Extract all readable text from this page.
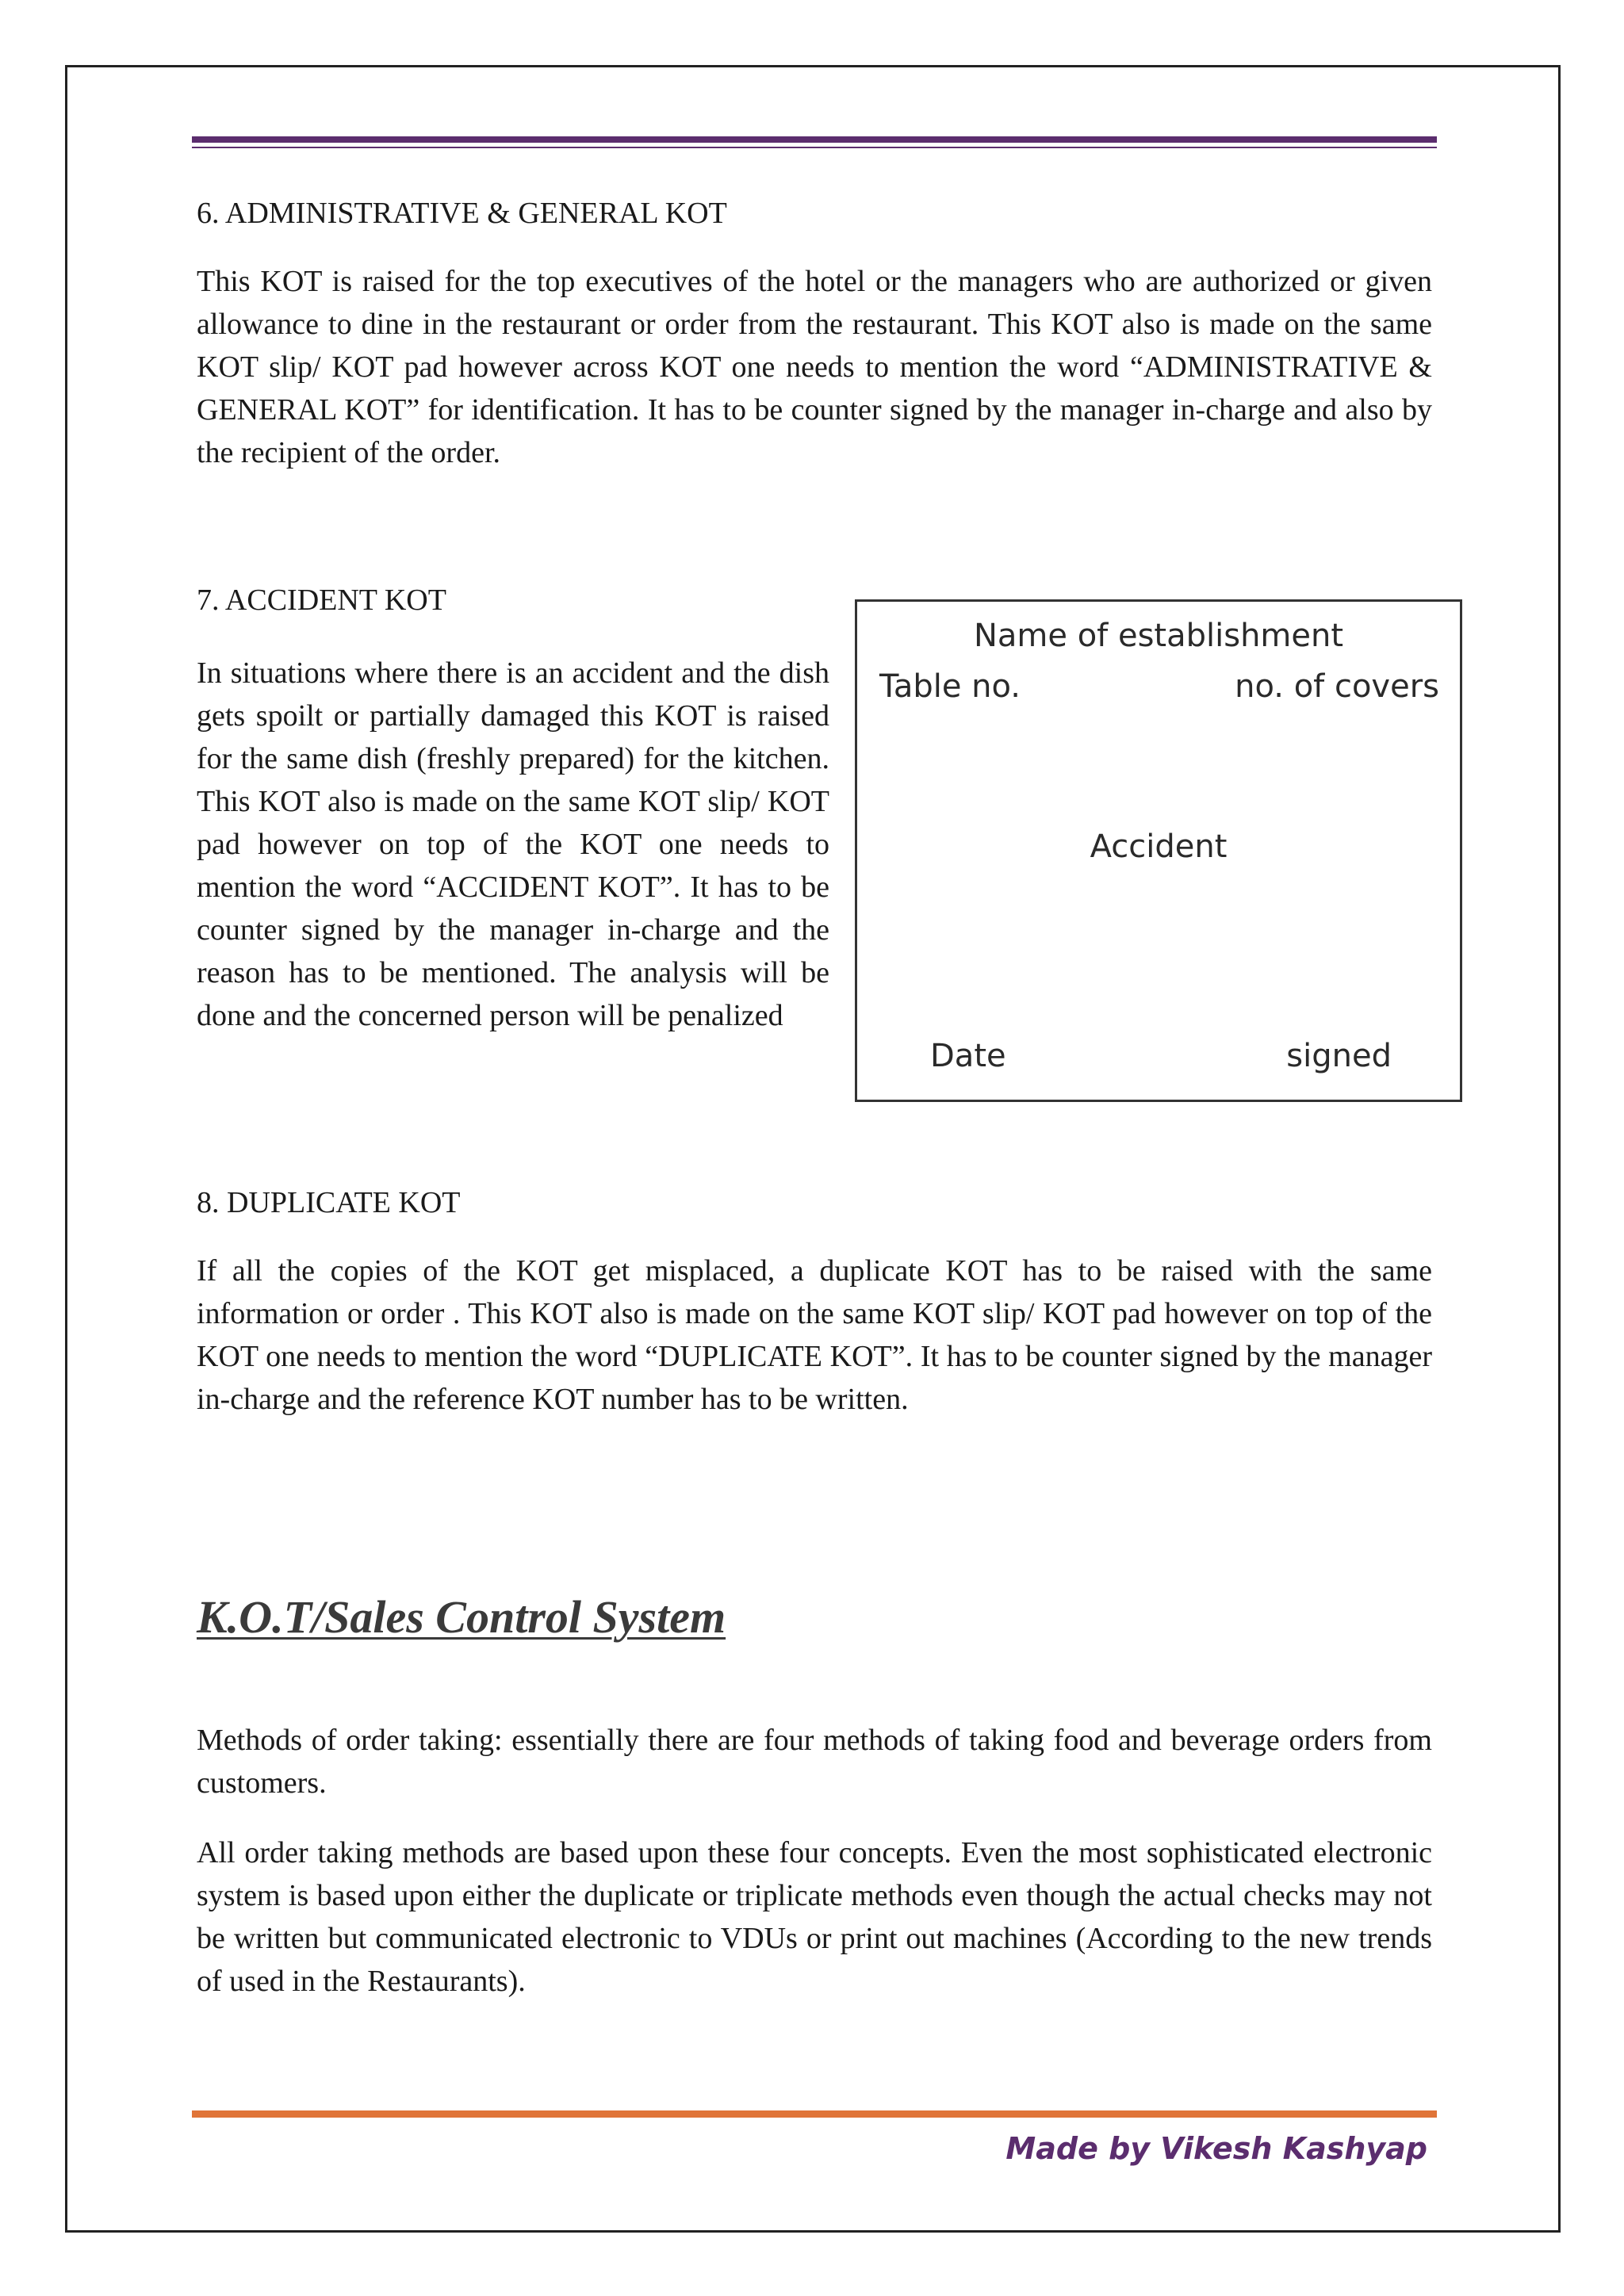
6. ADMINISTRATIVE & GENERAL KOT

This KOT is raised for the top executives of the hotel or the managers who are authorized or given allowance to dine in the restaurant or order from the restaurant. This KOT also is made on the same KOT slip/ KOT pad however across KOT one needs to mention the word “ADMINISTRATIVE & GENERAL KOT” for identification. It has to be counter signed by the manager in-charge and also by the recipient of the order.

7. ACCIDENT KOT

In situations where there is an accident and the dish gets spoilt or partially damaged this KOT is raised for the same dish (freshly prepared) for the kitchen. This KOT also is made on the same KOT slip/ KOT pad however on top of the KOT one needs to mention the word “ACCIDENT KOT”. It has to be counter signed by the manager in-charge and the reason has to be mentioned. The analysis will be done and the concerned person will be penalized

Name of establishment
Table no.	no. of covers
Accident
Date	signed
8. DUPLICATE KOT

If all the copies of the KOT get misplaced, a duplicate KOT has to be raised with the same information or order . This KOT also is made on the same KOT slip/ KOT pad however on top of the KOT one needs to mention the word “DUPLICATE KOT”. It has to be counter signed by the manager in-charge and the reference KOT number has to be written.

K.O.T/Sales Control System

Methods of order taking: essentially there are four methods of taking food and beverage orders from customers.

All order taking methods are based upon these four concepts. Even the most sophisticated electronic system is based upon either the duplicate or triplicate methods even though the actual checks may not be written but communicated electronic to VDUs or print out machines (According to the new trends of used in the Restaurants).

Made by Vikesh Kashyap
